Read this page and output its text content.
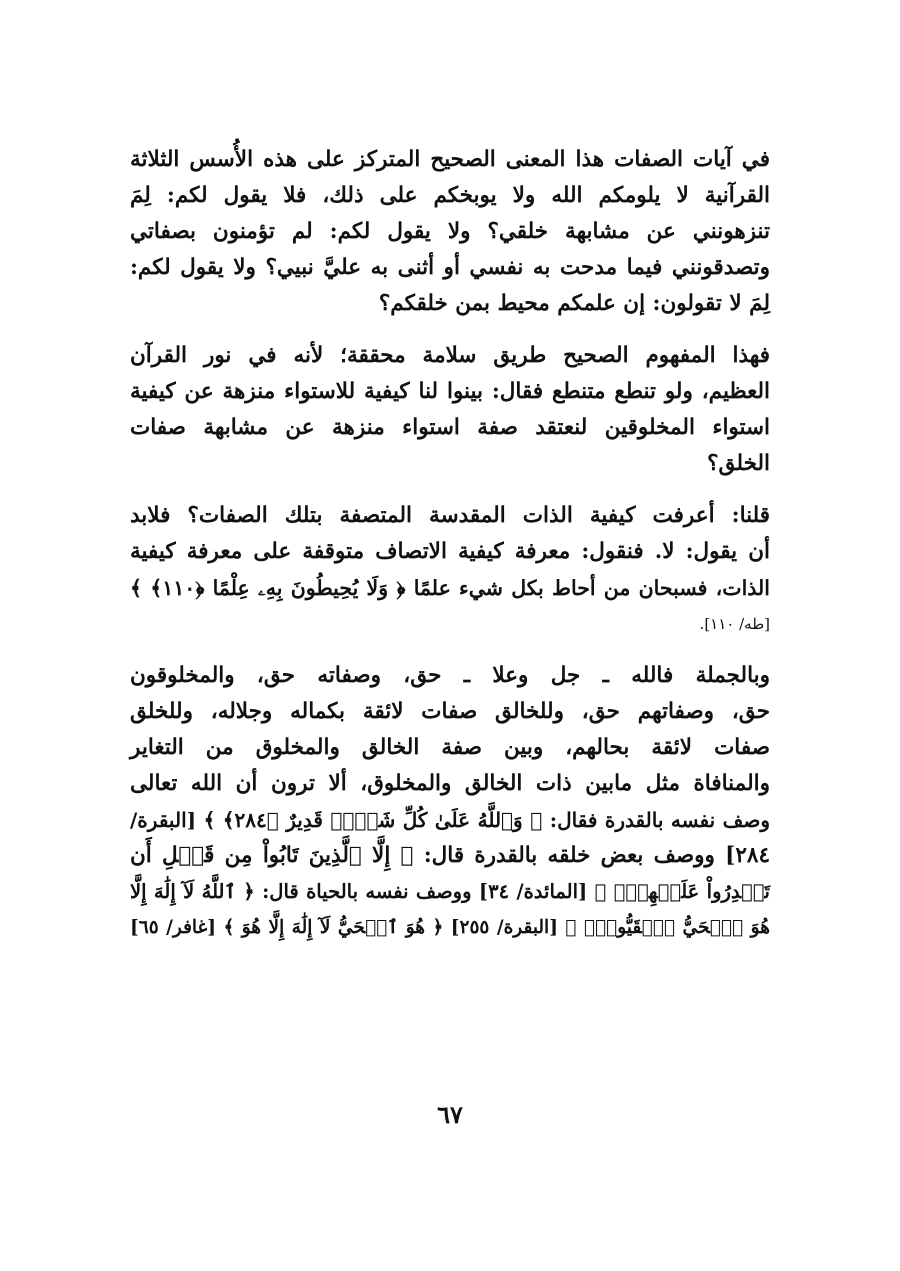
في آيات الصفات هذا المعنى الصحيح المتركز على هذه الأُسس الثلاثة
القرآنية لا يلومكم الله ولا يوبخكم على ذلك، فلا يقول لكم: لِمَ
تنزهونني عن مشابهة خلقي؟ ولا يقول لكم: لم تؤمنون بصفاتي
وتصدقونني فيما مدحت به نفسي أو أثنى به عليَّ نبيي؟ ولا يقول لكم:
لِمَ لا تقولون: إن علمكم محيط بمن خلقكم؟

فهذا المفهوم الصحيح طريق سلامة محققة؛ لأنه في نور القرآن
العظيم، ولو تنطع متنطع فقال: بينوا لنا كيفية للاستواء منزهة عن كيفية
استواء المخلوقين لنعتقد صفة استواء منزهة عن مشابهة صفات
الخلق؟

قلنا: أعرفت كيفية الذات المقدسة المتصفة بتلك الصفات؟ فلابد
أن يقول: لا. فنقول: معرفة كيفية الاتصاف متوقفة على معرفة كيفية
الذات، فسبحان من أحاط بكل شيء علمًا ﴿ وَلَا يُحِيطُونَ بِهِۦ عِلْمًا ﴿١١٠﴾ ﴾
[طه/ ١١٠].

وبالجملة فالله ـ جل وعلا ـ حق، وصفاته حق، والمخلوقون
حق، وصفاتهم حق، وللخالق صفات لائقة بكماله وجلاله، وللخلق
صفات لائقة بحالهم، وبين صفة الخالق والمخلوق من التغاير
والمنافاة مثل مابين ذات الخالق والمخلوق، ألا ترون أن الله تعالى
وصف نفسه بالقدرة فقال: ﴿ وَٱللَّهُ عَلَىٰ كُلِّ شَيۡءٖ قَدِيرٌ ﴿٢٨٤﴾ ﴾ [البقرة/
٢٨٤] ووصف بعض خلقه بالقدرة قال: ﴿ إِلَّا ٱلَّذِينَ تَابُواْ مِن قَبۡلِ أَن
تَقۡدِرُواْ عَلَيۡهِمۡۖ ﴾ [المائدة/ ٣٤] ووصف نفسه بالحياة قال: ﴿ ٱللَّهُ لَآ إِلَٰهَ إِلَّا
هُوَ ٱلۡحَيُّ ٱلۡقَيُّومُۚ ﴾ [البقرة/ ٢٥٥] ﴿ هُوَ ٱلۡحَيُّ لَآ إِلَٰهَ إِلَّا هُوَ ﴾ [غافر/ ٦٥]

٦٧
